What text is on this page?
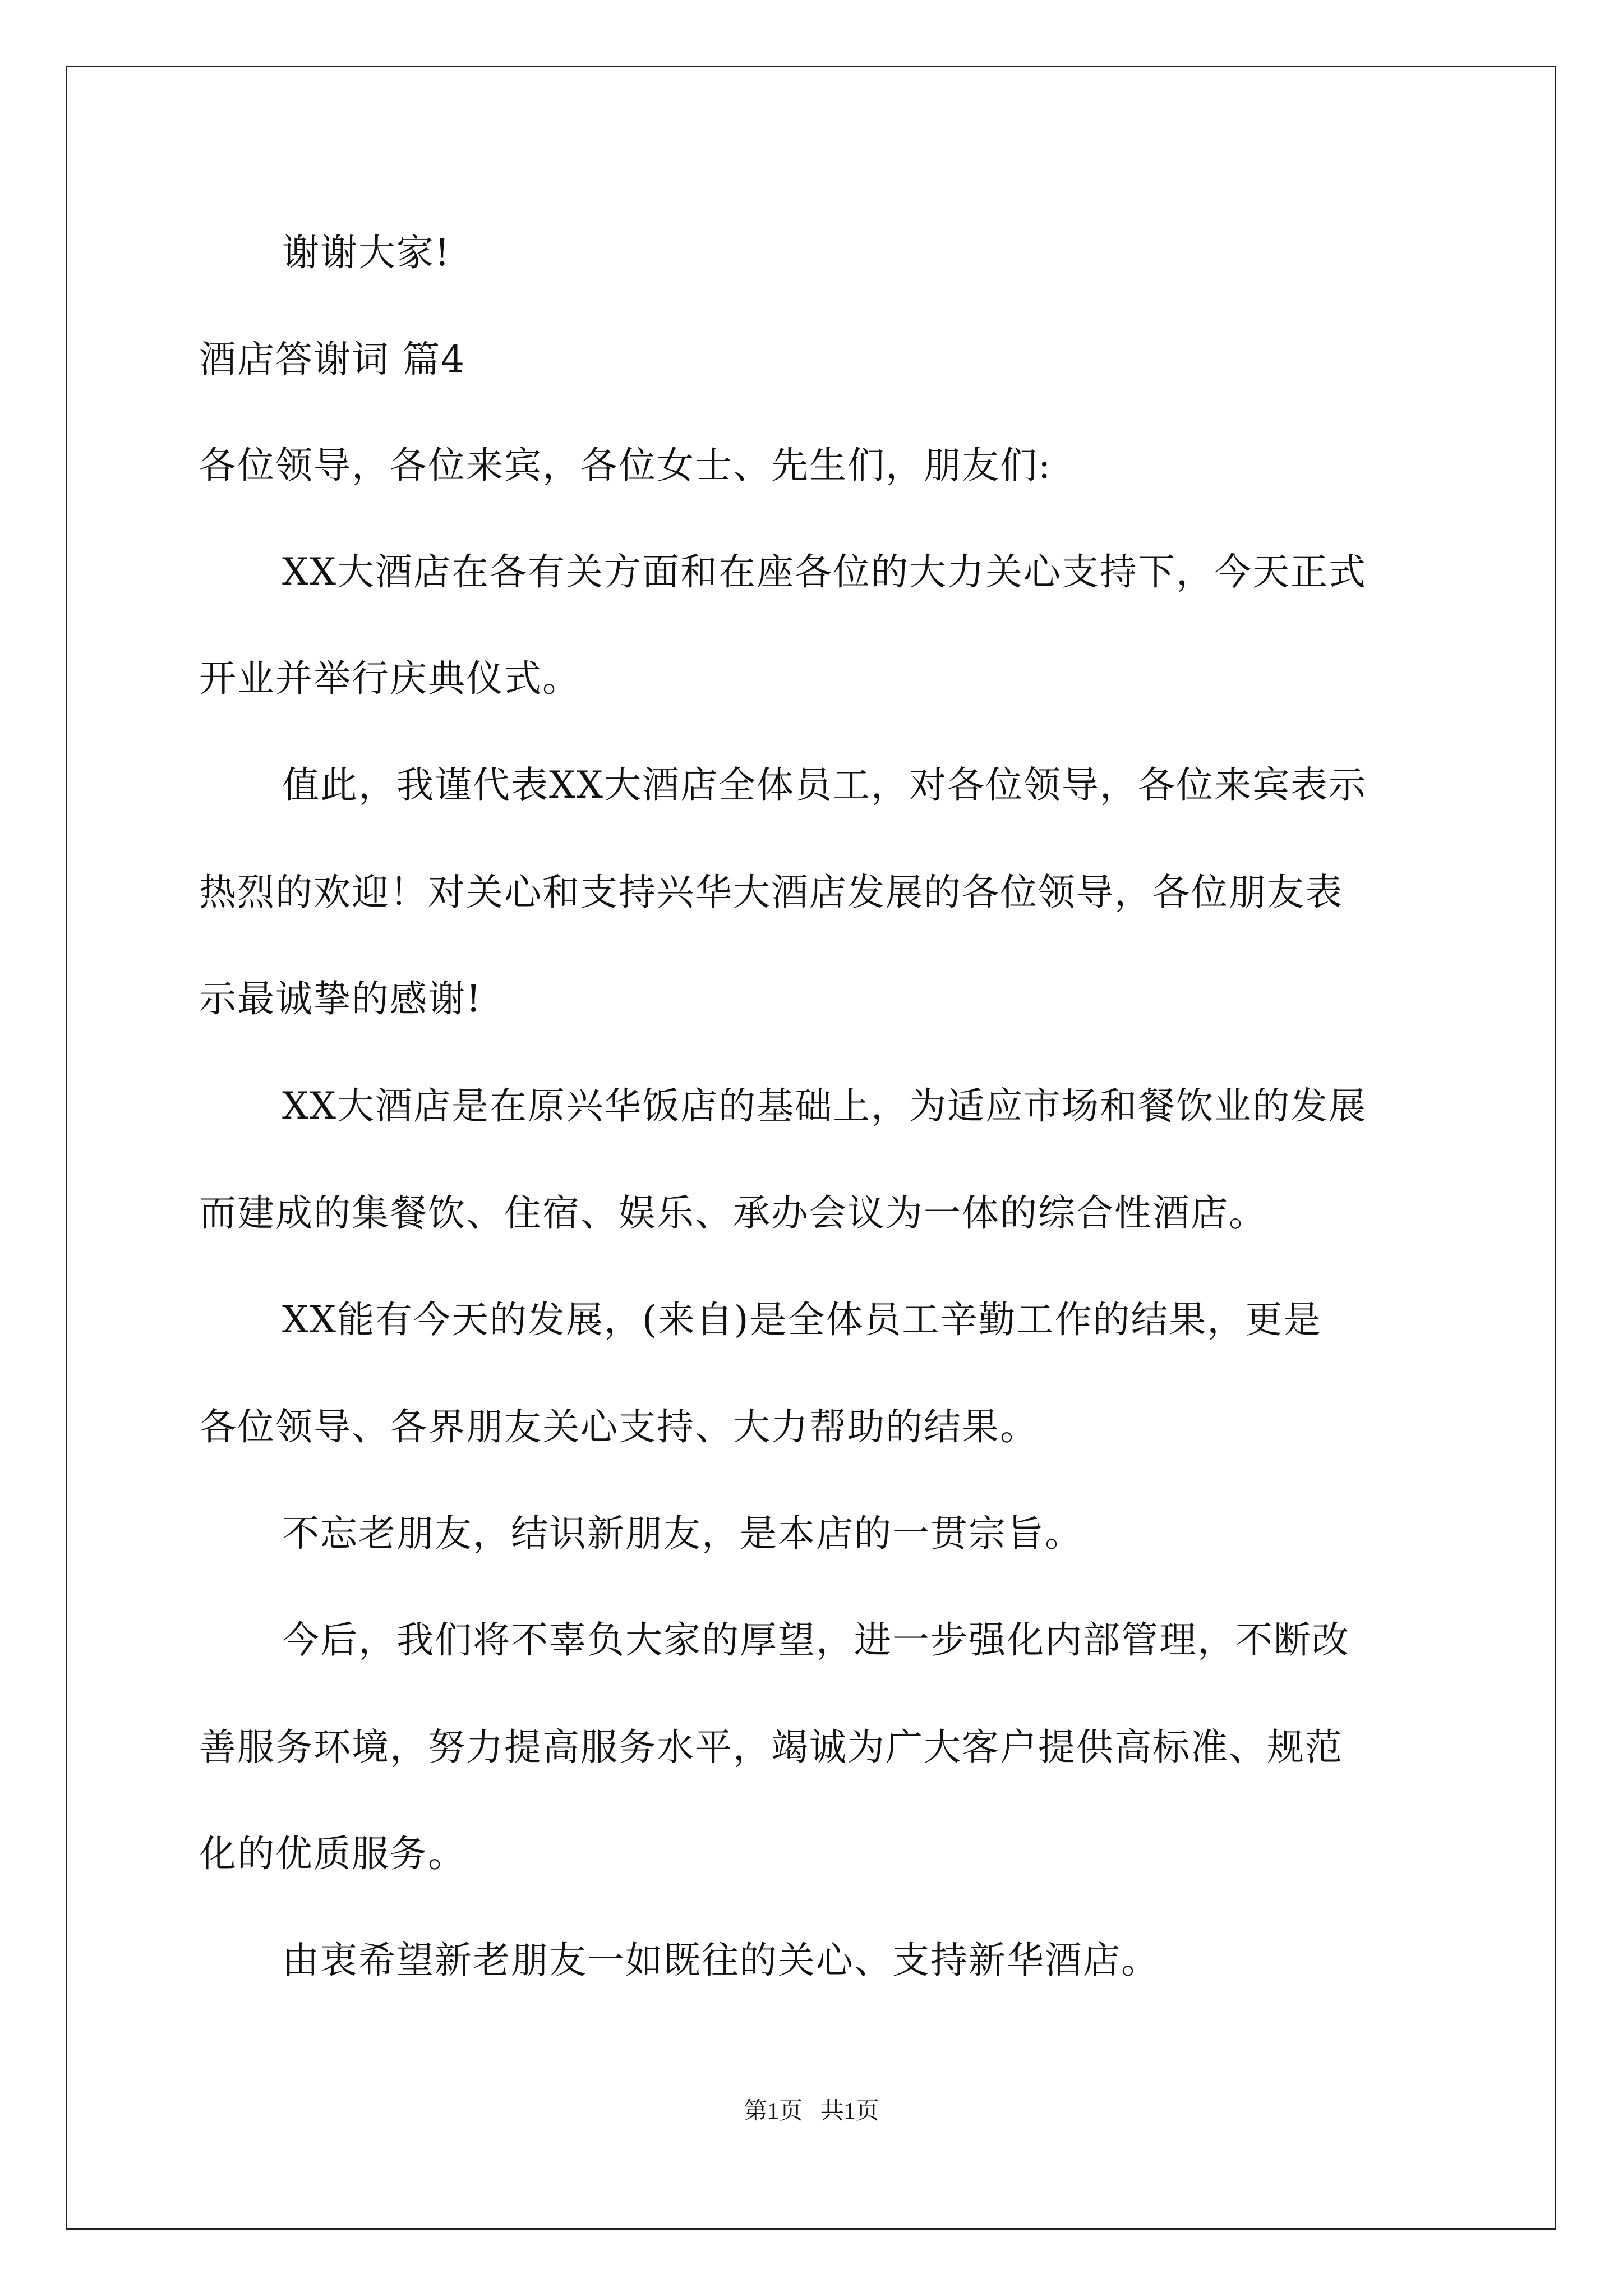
谢谢大家!
酒店答谢词 篇4
各位领导，各位来宾，各位女士、先生们，朋友们:
XX大酒店在各有关方面和在座各位的大力关心支持下，今天正式
开业并举行庆典仪式。
值此，我谨代表XX大酒店全体员工，对各位领导，各位来宾表示
热烈的欢迎！对关心和支持兴华大酒店发展的各位领导，各位朋友表
示最诚挚的感谢!
XX大酒店是在原兴华饭店的基础上，为适应市场和餐饮业的发展
而建成的集餐饮、住宿、娱乐、承办会议为一体的综合性酒店。
XX能有今天的发展，(来自)是全体员工辛勤工作的结果，更是
各位领导、各界朋友关心支持、大力帮助的结果。
不忘老朋友，结识新朋友，是本店的一贯宗旨。
今后，我们将不辜负大家的厚望，进一步强化内部管理，不断改
善服务环境，努力提高服务水平，竭诚为广大客户提供高标准、规范
化的优质服务。
由衷希望新老朋友一如既往的关心、支持新华酒店。
第1页   共1页
